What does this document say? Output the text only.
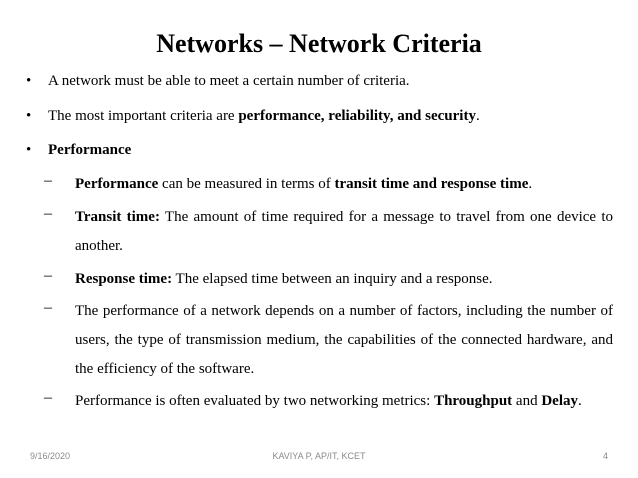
Networks – Network Criteria
• A network must be able to meet a certain number of criteria.
• The most important criteria are performance, reliability, and security.
• Performance
– Performance can be measured in terms of transit time and response time.
– Transit time: The amount of time required for a message to travel from one device to another.
– Response time: The elapsed time between an inquiry and a response.
– The performance of a network depends on a number of factors, including the number of users, the type of transmission medium, the capabilities of the connected hardware, and the efficiency of the software.
– Performance is often evaluated by two networking metrics: Throughput and Delay.
KAVIYA P, AP/IT, KCET
9/16/2020	4
